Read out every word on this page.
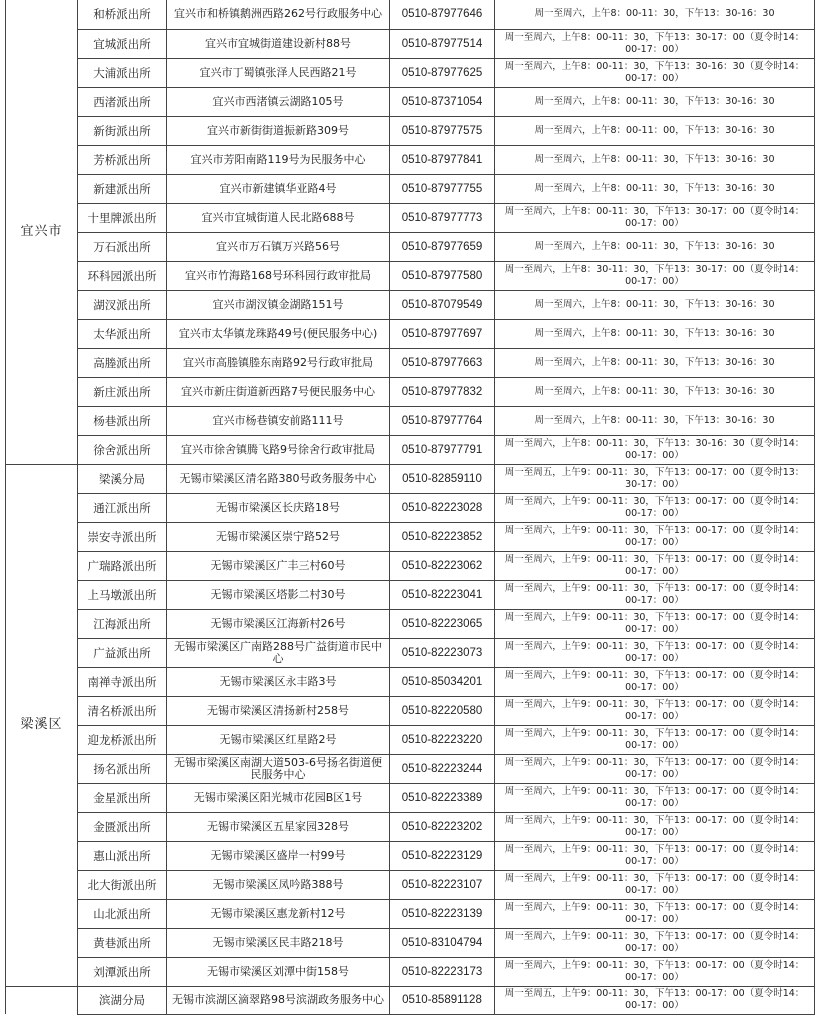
宜兴市	和桥派出所	宜兴市和桥镇鹅洲西路262号行政服务中心	0510-87977646	周一至周六，上午8：00-11：30，下午13：30-16：30
	宜城派出所	宜兴市宜城街道建设新村88号	0510-87977514	周一至周六，上午8：00-11：30，下午13：30-17：00（夏令时14：00-17：00）
	大浦派出所	宜兴市丁蜀镇张泽人民西路21号	0510-87977625	周一至周六，上午8：00-11：30，下午13：30-16：30（夏令时14：00-17：00）
	西渚派出所	宜兴市西渚镇云湖路105号	0510-87371054	周一至周六，上午8：00-11：30，下午13：30-16：30
	新街派出所	宜兴市新街街道振新路309号	0510-87977575	周一至周六，上午8：00-11：00，下午13：30-16：30
	芳桥派出所	宜兴市芳阳南路119号为民服务中心	0510-87977841	周一至周六，上午8：00-11：30，下午13：30-16：30
	新建派出所	宜兴市新建镇华亚路4号	0510-87977755	周一至周六，上午8：00-11：30，下午13：30-16：30
	十里牌派出所	宜兴市宜城街道人民北路688号	0510-87977773	周一至周六，上午8：00-11：30，下午13：30-17：00（夏令时14：00-17：00）
	万石派出所	宜兴市万石镇万兴路56号	0510-87977659	周一至周六，上午8：00-11：30，下午13：30-16：30
	环科园派出所	宜兴市竹海路168号环科园行政审批局	0510-87977580	周一至周六，上午8：30-11：30，下午13：30-17：00（夏令时14：00-17：00）
	湖汊派出所	宜兴市湖汊镇金湖路151号	0510-87079549	周一至周六，上午8：00-11：30，下午13：30-16：30
	太华派出所	宜兴市太华镇龙珠路49号(便民服务中心)	0510-87977697	周一至周六，上午8：00-11：30，下午13：30-16：30
	高塍派出所	宜兴市高塍镇塍东南路92号行政审批局	0510-87977663	周一至周六，上午8：00-11：30，下午13：30-16：30
	新庄派出所	宜兴市新庄街道新西路7号便民服务中心	0510-87977832	周一至周六，上午8：00-11：30，下午13：30-16：30
	杨巷派出所	宜兴市杨巷镇安前路111号	0510-87977764	周一至周六，上午8：00-11：30，下午13：30-16：30
	徐舍派出所	宜兴市徐舍镇腾飞路9号徐舍行政审批局	0510-87977791	周一至周六，上午8：00-11：30，下午13：30-16：30（夏令时14：00-17：00）
梁溪区	梁溪分局	无锡市梁溪区清名路380号政务服务中心	0510-82859110	周一至周五，上午9：00-11：30，下午13：00-17：00（夏令时13：30-17：00）
	通江派出所	无锡市梁溪区长庆路18号	0510-82223028	周一至周六，上午9：00-11：30，下午13：00-17：00（夏令时14：00-17：00）
	崇安寺派出所	无锡市梁溪区崇宁路52号	0510-82223852	周一至周六，上午9：00-11：30，下午13：00-17：00（夏令时14：00-17：00）
	广瑞路派出所	无锡市梁溪区广丰三村60号	0510-82223062	周一至周六，上午9：00-11：30，下午13：00-17：00（夏令时14：00-17：00）
	上马墩派出所	无锡市梁溪区塔影二村30号	0510-82223041	周一至周六，上午9：00-11：30，下午13：00-17：00（夏令时14：00-17：00）
	江海派出所	无锡市梁溪区江海新村26号	0510-82223065	周一至周六，上午9：00-11：30，下午13：00-17：00（夏令时14：00-17：00）
	广益派出所	无锡市梁溪区广南路288号广益街道市民中心	0510-82223073	周一至周六，上午9：00-11：30，下午13：00-17：00（夏令时14：00-17：00）
	南禅寺派出所	无锡市梁溪区永丰路3号	0510-85034201	周一至周六，上午9：00-11：30，下午13：00-17：00（夏令时14：00-17：00）
	清名桥派出所	无锡市梁溪区清扬新村258号	0510-82220580	周一至周六，上午9：00-11：30，下午13：00-17：00（夏令时14：00-17：00）
	迎龙桥派出所	无锡市梁溪区红星路2号	0510-82223220	周一至周六，上午9：00-11：30，下午13：00-17：00（夏令时14：00-17：00）
	扬名派出所	无锡市梁溪区南湖大道503-6号扬名街道便民服务中心	0510-82223244	周一至周六，上午9：00-11：30，下午13：00-17：00（夏令时14：00-17：00）
	金星派出所	无锡市梁溪区阳光城市花园B区1号	0510-82223389	周一至周六，上午9：00-11：30，下午13：00-17：00（夏令时14：00-17：00）
	金匮派出所	无锡市梁溪区五星家园328号	0510-82223202	周一至周六，上午9：00-11：30，下午13：00-17：00（夏令时14：00-17：00）
	惠山派出所	无锡市梁溪区盛岸一村99号	0510-82223129	周一至周六，上午9：00-11：30，下午13：00-17：00（夏令时14：00-17：00）
	北大街派出所	无锡市梁溪区凤吟路388号	0510-82223107	周一至周六，上午9：00-11：30，下午13：00-17：00（夏令时14：00-17：00）
	山北派出所	无锡市梁溪区惠龙新村12号	0510-82223139	周一至周六，上午9：00-11：30，下午13：00-17：00（夏令时14：00-17：00）
	黄巷派出所	无锡市梁溪区民丰路218号	0510-83104794	周一至周六，上午9：00-11：30，下午13：00-17：00（夏令时14：00-17：00）
	刘潭派出所	无锡市梁溪区刘潭中街158号	0510-82223173	周一至周六，上午9：00-11：30，下午13：00-17：00（夏令时14：00-17：00）
	滨湖分局	无锡市滨湖区滴翠路98号滨湖政务服务中心	0510-85891128	周一至周五，上午9：00-11：30，下午13：00-17：00（夏令时14：00-17：00）
